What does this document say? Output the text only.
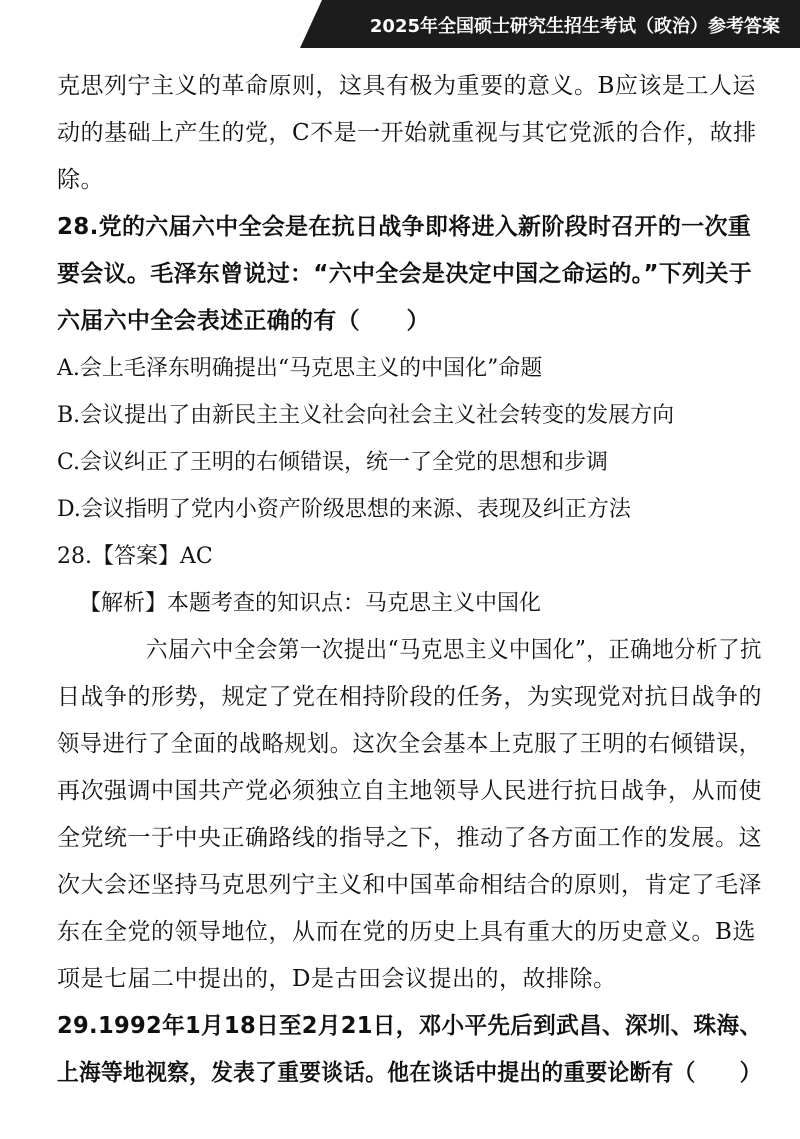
2025年全国硕士研究生招生考试（政治）参考答案

克思列宁主义的革命原则，这具有极为重要的意义。B应该是工人运

动的基础上产生的党，C不是一开始就重视与其它党派的合作，故排

除。

28.党的六届六中全会是在抗日战争即将进入新阶段时召开的一次重

要会议。毛泽东曾说过：“六中全会是决定中国之命运的。”下列关于

六届六中全会表述正确的有（　　）

A.会上毛泽东明确提出“马克思主义的中国化”命题

B.会议提出了由新民主主义社会向社会主义社会转变的发展方向

C.会议纠正了王明的右倾错误，统一了全党的思想和步调

D.会议指明了党内小资产阶级思想的来源、表现及纠正方法

28.【答案】AC

【解析】本题考查的知识点：马克思主义中国化

六届六中全会第一次提出“马克思主义中国化”，正确地分析了抗

日战争的形势，规定了党在相持阶段的任务，为实现党对抗日战争的

领导进行了全面的战略规划。这次全会基本上克服了王明的右倾错误，

再次强调中国共产党必须独立自主地领导人民进行抗日战争，从而使

全党统一于中央正确路线的指导之下，推动了各方面工作的发展。这

次大会还坚持马克思列宁主义和中国革命相结合的原则，肯定了毛泽

东在全党的领导地位，从而在党的历史上具有重大的历史意义。B选

项是七届二中提出的，D是古田会议提出的，故排除。

29.1992年1月18日至2月21日，邓小平先后到武昌、深圳、珠海、

上海等地视察，发表了重要谈话。他在谈话中提出的重要论断有（　　）
